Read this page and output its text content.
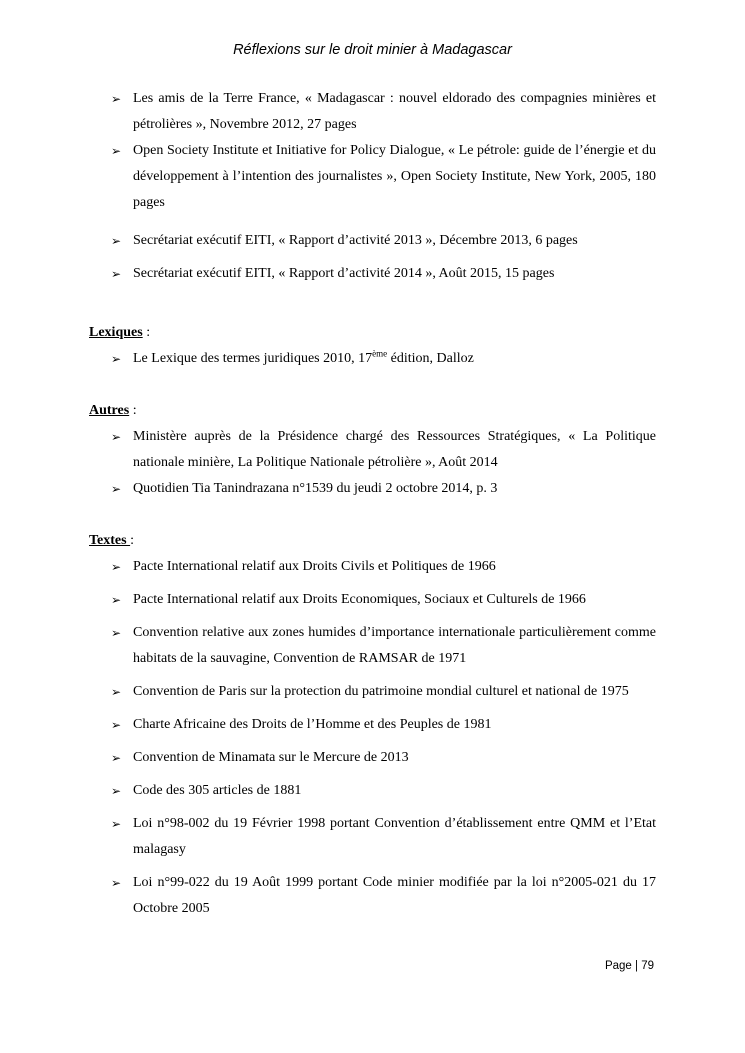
Réflexions sur le droit minier à Madagascar
➢ Les amis de la Terre France, « Madagascar : nouvel eldorado des compagnies minières et pétrolières », Novembre 2012, 27 pages
➢ Open Society Institute et Initiative for Policy Dialogue, « Le pétrole: guide de l’énergie et du développement à l’intention des journalistes », Open Society Institute, New York, 2005, 180 pages
➢ Secrétariat exécutif EITI, « Rapport d’activité 2013 », Décembre 2013, 6 pages
➢ Secrétariat exécutif EITI, « Rapport d’activité 2014 », Août 2015, 15 pages
Lexiques :
➢ Le Lexique des termes juridiques 2010, 17ème édition, Dalloz
Autres :
➢ Ministère auprès de la Présidence chargé des Ressources Stratégiques, « La Politique nationale minière, La Politique Nationale pétrolière », Août 2014
➢ Quotidien Tia Tanindrazana n°1539 du jeudi 2 octobre 2014, p. 3
Textes :
➢ Pacte International relatif aux Droits Civils et Politiques de 1966
➢ Pacte International relatif aux Droits Economiques, Sociaux et Culturels de 1966
➢ Convention relative aux zones humides d’importance internationale particulièrement comme habitats de la sauvagine, Convention de RAMSAR de 1971
➢ Convention de Paris sur la protection du patrimoine mondial culturel et national de 1975
➢ Charte Africaine des Droits de l’Homme et des Peuples de 1981
➢ Convention de Minamata sur le Mercure de 2013
➢ Code des 305 articles de 1881
➢ Loi n°98-002 du 19 Février 1998 portant Convention d’établissement entre QMM et l’Etat malagasy
➢ Loi n°99-022 du 19 Août 1999 portant Code minier modifiée par la loi n°2005-021 du 17 Octobre 2005
Page | 79
